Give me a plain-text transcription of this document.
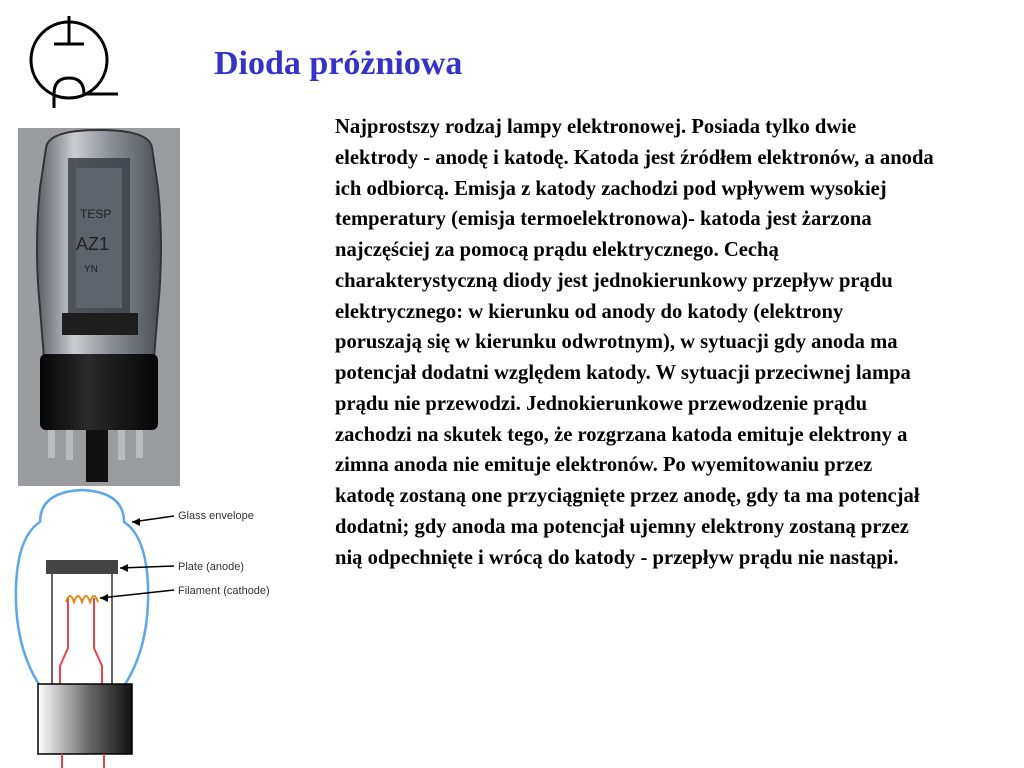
TESP
AZ1
YN
Glass envelope
Plate (anode)
Filament (cathode)
Dioda próżniowa
Najprostszy rodzaj lampy elektronowej. Posiada tylko dwie elektrody - anodę i katodę. Katoda jest źródłem elektronów, a anoda ich odbiorcą. Emisja z katody zachodzi pod wpływem wysokiej temperatury (emisja termoelektronowa)- katoda jest żarzona najczęściej za pomocą prądu elektrycznego. Cechą charakterystyczną diody jest jednokierunkowy przepływ prądu elektrycznego: w kierunku od anody do katody (elektrony poruszają się w kierunku odwrotnym), w sytuacji gdy anoda ma potencjał dodatni względem katody. W sytuacji przeciwnej lampa prądu nie przewodzi. Jednokierunkowe przewodzenie prądu zachodzi na skutek tego, że rozgrzana katoda emituje elektrony a zimna anoda nie emituje elektronów. Po wyemitowaniu przez katodę zostaną one przyciągnięte przez anodę, gdy ta ma potencjał dodatni; gdy anoda ma potencjał ujemny elektrony zostaną przez nią odpechnięte i wrócą do katody - przepływ prądu nie nastąpi.
